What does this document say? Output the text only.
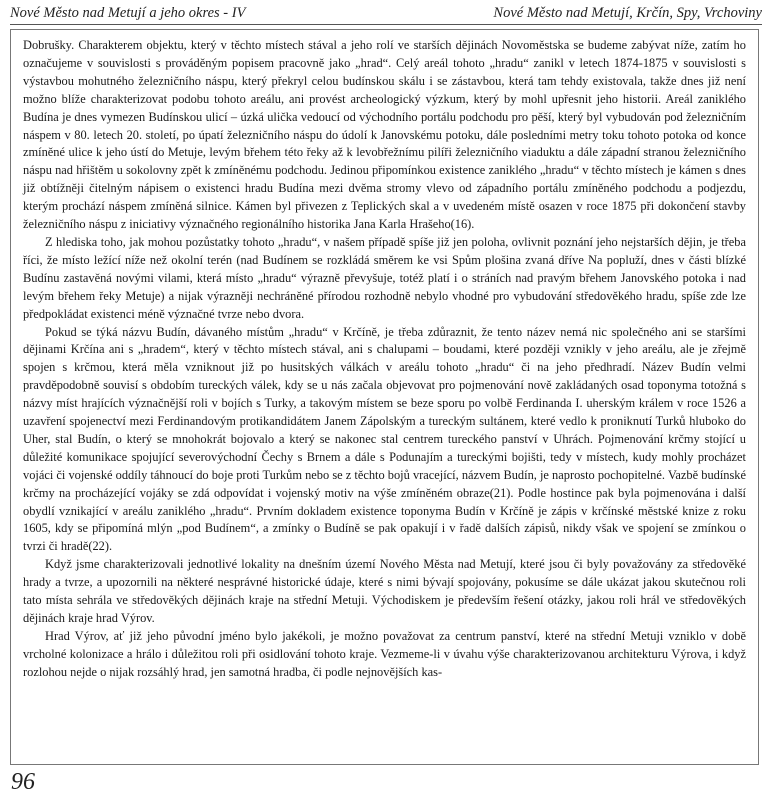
Nové Město nad Metují a jeho okres - IV	Nové Město nad Metují, Krčín, Spy, Vrchoviny

Dobrušky. Charakterem objektu, který v těchto místech stával a jeho rolí ve starších dějinách Novoměstska se budeme zabývat níže, zatím ho označujeme v souvislosti s prováděným popisem pracovně jako „hrad“. Celý areál tohoto „hradu“ zanikl v letech 1874-1875 v souvislosti s výstavbou mohutného železničního náspu, který překryl celou budínskou skálu i se zástavbou, která tam tehdy existovala, takže dnes již není možno blíže charakterizovat podobu tohoto areálu, ani provést archeologický výzkum, který by mohl upřesnit jeho historii. Areál zaniklého Budína je dnes vymezen Budínskou ulicí – úzká ulička vedoucí od východního portálu podchodu pro pěší, který byl vybudován pod železničním náspem v 80. letech 20. století, po úpatí železničního náspu do údolí k Janovskému potoku, dále posledními metry toku tohoto potoka od konce zmíněné ulice k jeho ústí do Metuje, levým břehem této řeky až k levobřežnímu pilíři železničního viaduktu a dále západní stranou železničního náspu nad hřištěm u sokolovny zpět k zmíněnému podchodu. Jedinou připomínkou existence zaniklého „hradu“ v těchto místech je kámen s dnes již obtížněji čitelným nápisem o existenci hradu Budína mezi dvěma stromy vlevo od západního portálu zmíněného podchodu a podjezdu, kterým prochází náspem zmíněná silnice. Kámen byl přivezen z Teplických skal a v uvedeném místě osazen v roce 1875 při dokončení stavby železničního náspu z iniciativy význačného regionálního historika Jana Karla Hrašeho(16).

Z hlediska toho, jak mohou pozůstatky tohoto „hradu“, v našem případě spíše již jen poloha, ovlivnit poznání jeho nejstarších dějin, je třeba říci, že místo ležící níže než okolní terén (nad Budínem se rozkládá směrem ke vsi Spům plošina zvaná dříve Na popluží, dnes v části blízké Budínu zastavěná novými vilami, která místo „hradu“ výrazně převyšuje, totéž platí i o stráních nad pravým břehem Janovského potoka i nad levým břehem řeky Metuje) a nijak výrazněji nechráněné přírodou rozhodně nebylo vhodné pro vybudování středověkého hradu, spíše zde lze předpokládat existenci méně význačné tvrze nebo dvora.

Pokud se týká názvu Budín, dávaného místům „hradu“ v Krčíně, je třeba zdůraznit, že tento název nemá nic společného ani se staršími dějinami Krčína ani s „hradem“, který v těchto místech stával, ani s chalupami – boudami, které později vznikly v jeho areálu, ale je zřejmě spojen s krčmou, která měla vzniknout již po husitských válkách v areálu tohoto „hradu“ či na jeho předhradí. Název Budín velmi pravděpodobně souvisí s obdobím tureckých válek, kdy se u nás začala objevovat pro pojmenování nově zakládaných osad toponyma totožná s názvy míst hrajících význačnější roli v bojích s Turky, a takovým místem se beze sporu po volbě Ferdinanda I. uherským králem v roce 1526 a uzavření spojenectví mezi Ferdinandovým protikandidátem Janem Zápolským a tureckým sultánem, které vedlo k proniknutí Turků hluboko do Uher, stal Budín, o který se mnohokrát bojovalo a který se nakonec stal centrem tureckého panství v Uhrách. Pojmenování krčmy stojící u důležité komunikace spojující severovýchodní Čechy s Brnem a dále s Podunajím a tureckými bojišti, tedy v místech, kudy mohly procházet vojáci či vojenské oddíly táhnoucí do boje proti Turkům nebo se z těchto bojů vracející, názvem Budín, je naprosto pochopitelné. Vazbě budínské krčmy na procházející vojáky se zdá odpovídat i vojenský motiv na výše zmíněném obraze(21). Podle hostince pak byla pojmenována i další obydlí vznikající v areálu zaniklého „hradu“. Prvním dokladem existence toponyma Budín v Krčíně je zápis v krčínské městské knize z roku 1605, kdy se připomíná mlýn „pod Budínem“, a zmínky o Budíně se pak opakují i v řadě dalších zápisů, nikdy však ve spojení se zmínkou o tvrzi či hradě(22).

Když jsme charakterizovali jednotlivé lokality na dnešním území Nového Města nad Metují, které jsou či byly považovány za středověké hrady a tvrze, a upozornili na některé nesprávné historické údaje, které s nimi bývají spojovány, pokusíme se dále ukázat jakou skutečnou roli tato místa sehrála ve středověkých dějinách kraje na střední Metuji. Východiskem je především řešení otázky, jakou roli hrál ve středověkých dějinách kraje hrad Výrov.

Hrad Výrov, ať již jeho původní jméno bylo jakékoli, je možno považovat za centrum panství, které na střední Metuji vzniklo v době vrcholné kolonizace a hrálo i důležitou roli při osidlování tohoto kraje. Vezmeme-li v úvahu výše charakterizovanou architekturu Výrova, i když rozlohou nejde o nijak rozsáhlý hrad, jen samotná hradba, či podle nejnovějších kas-

96
